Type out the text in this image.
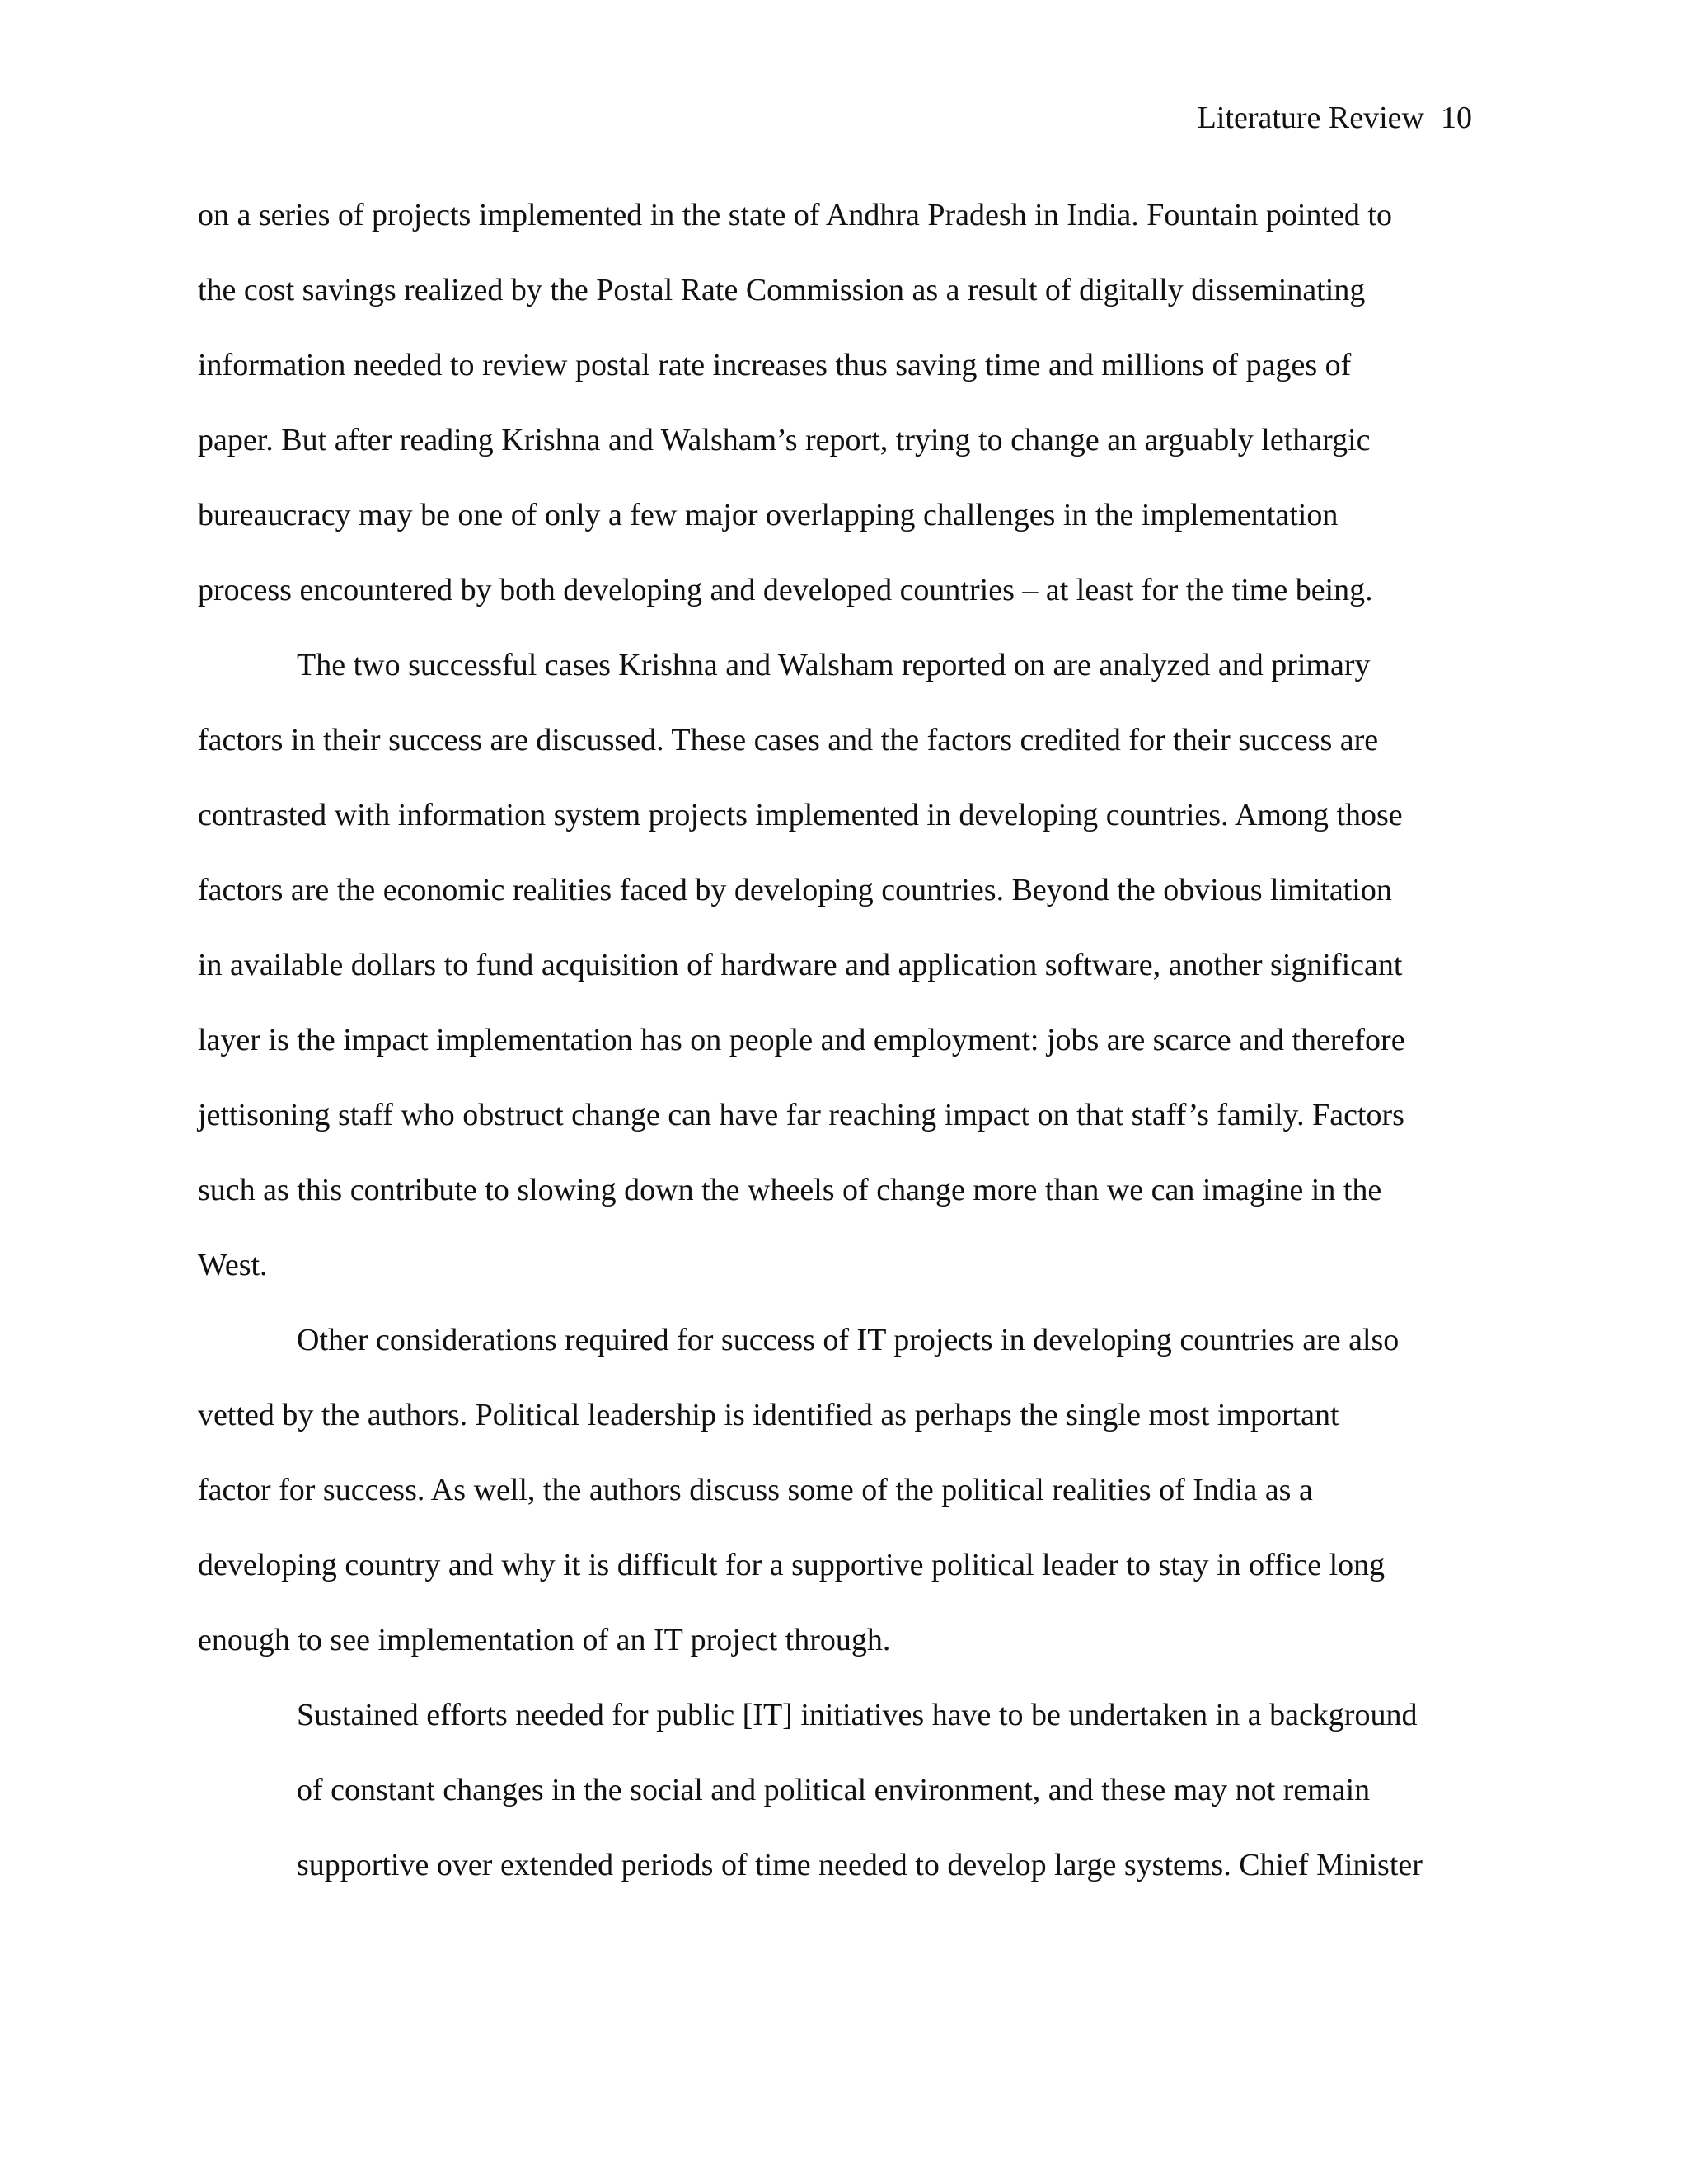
Literature Review 10
on a series of projects implemented in the state of Andhra Pradesh in India. Fountain pointed to
the cost savings realized by the Postal Rate Commission as a result of digitally disseminating
information needed to review postal rate increases thus saving time and millions of pages of
paper. But after reading Krishna and Walsham’s report, trying to change an arguably lethargic
bureaucracy may be one of only a few major overlapping challenges in the implementation
process encountered by both developing and developed countries – at least for the time being.
The two successful cases Krishna and Walsham reported on are analyzed and primary
factors in their success are discussed. These cases and the factors credited for their success are
contrasted with information system projects implemented in developing countries. Among those
factors are the economic realities faced by developing countries. Beyond the obvious limitation
in available dollars to fund acquisition of hardware and application software, another significant
layer is the impact implementation has on people and employment: jobs are scarce and therefore
jettisoning staff who obstruct change can have far reaching impact on that staff’s family. Factors
such as this contribute to slowing down the wheels of change more than we can imagine in the
West.
Other considerations required for success of IT projects in developing countries are also
vetted by the authors. Political leadership is identified as perhaps the single most important
factor for success. As well, the authors discuss some of the political realities of India as a
developing country and why it is difficult for a supportive political leader to stay in office long
enough to see implementation of an IT project through.
Sustained efforts needed for public [IT] initiatives have to be undertaken in a background
of constant changes in the social and political environment, and these may not remain
supportive over extended periods of time needed to develop large systems. Chief Minister
